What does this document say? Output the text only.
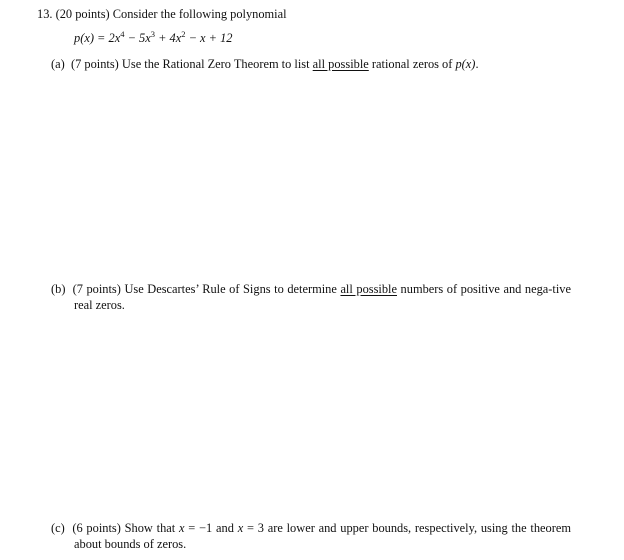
13. (20 points) Consider the following polynomial
$p(x) = 2x^4 - 5x^3 + 4x^2 - x + 12$
(a) (7 points) Use the Rational Zero Theorem to list all possible rational zeros of p(x).
(b) (7 points) Use Descartes’ Rule of Signs to determine all possible numbers of positive and nega-tive real zeros.
(c) (6 points) Show that x = −1 and x = 3 are lower and upper bounds, respectively, using the theorem about bounds of zeros.
